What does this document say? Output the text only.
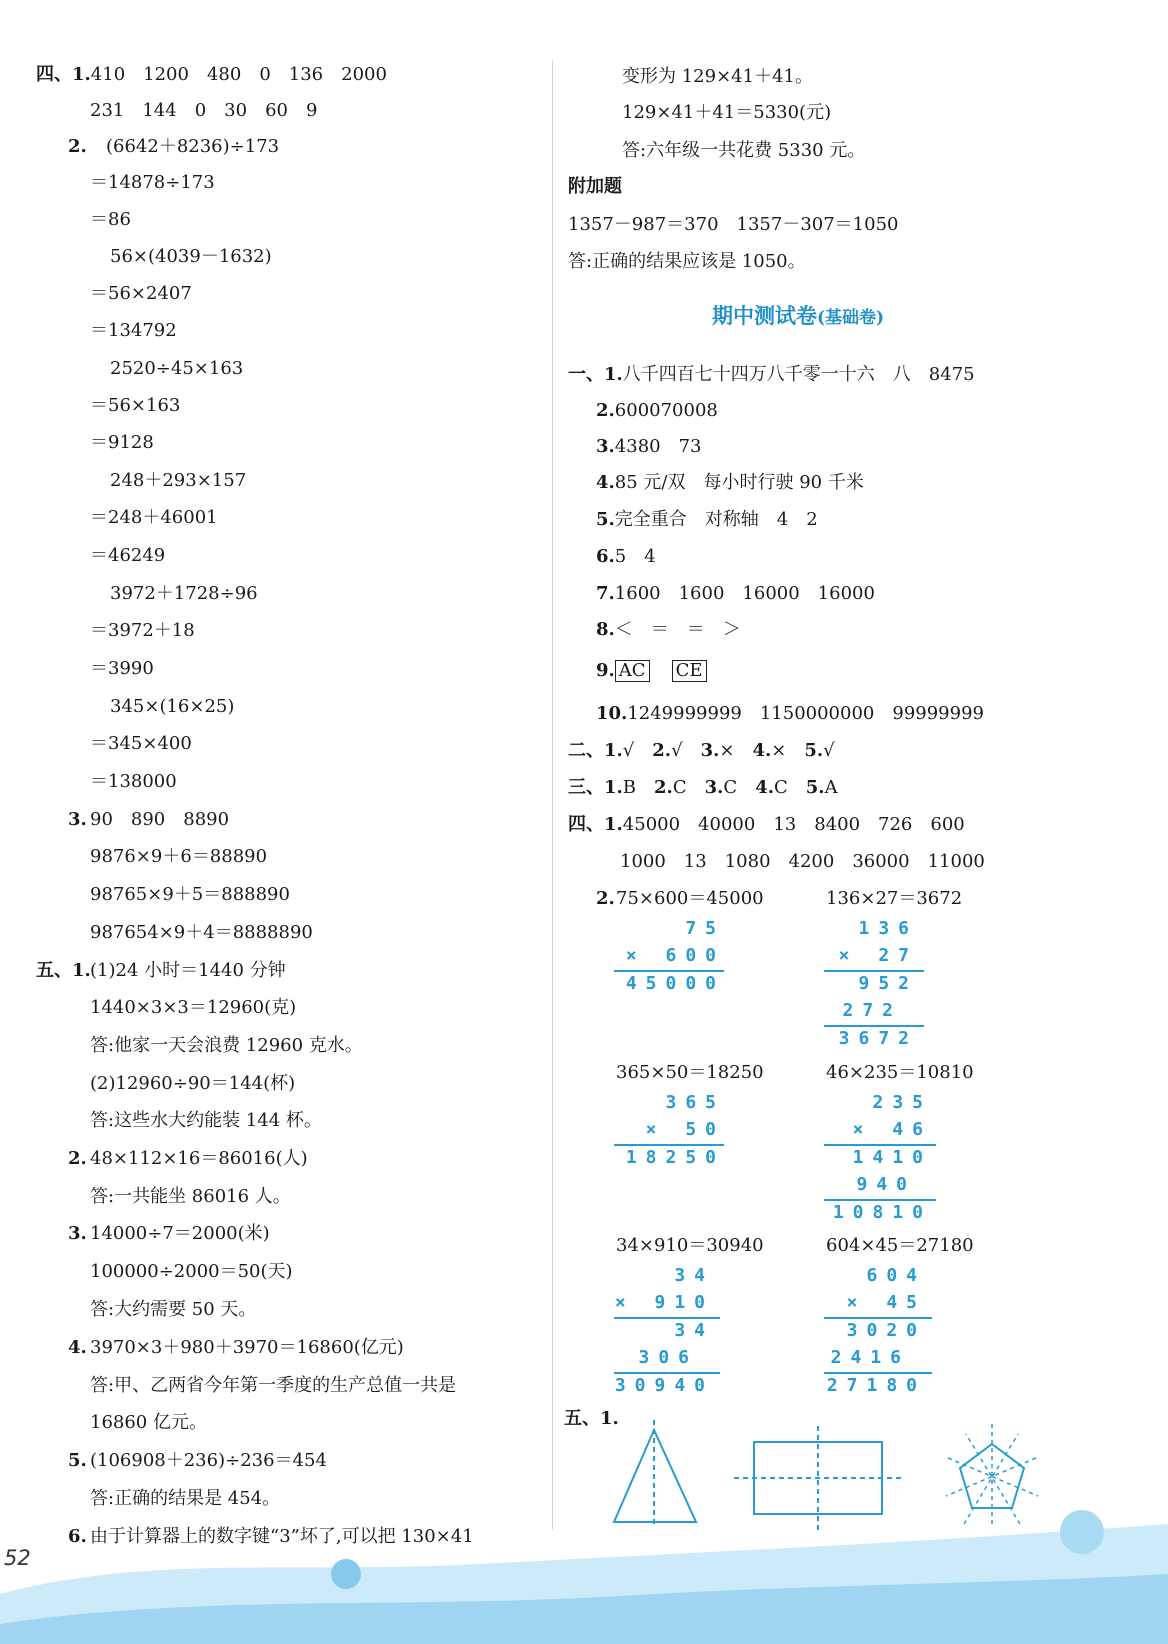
四、1.410　1200　480　0　136　2000
231　144　0　30　60　9
2. (6642＋8236)÷173
＝14878÷173
＝86
56×(4039－1632)
＝56×2407
＝134792
2520÷45×163
＝56×163
＝9128
248＋293×157
＝248＋46001
＝46249
3972＋1728÷96
＝3972＋18
＝3990
345×(16×25)
＝345×400
＝138000
3. 90　890　8890
9876×9＋6＝88890
98765×9＋5＝888890
987654×9＋4＝8888890
五、1. (1)24 小时＝1440 分钟
1440×3×3＝12960(克)
答:他家一天会浪费 12960 克水。
(2)12960÷90＝144(杯)
答:这些水大约能装 144 杯。
2. 48×112×16＝86016(人)
答:一共能坐 86016 人。
3. 14000÷7＝2000(米)
100000÷2000＝50(天)
答:大约需要 50 天。
4. 3970×3＋980＋3970＝16860(亿元)
答:甲、乙两省今年第一季度的生产总值一共是
16860 亿元。
5. (106908＋236)÷236＝454
答:正确的结果是 454。
6. 由于计算器上的数字键“3”坏了,可以把 130×41
变形为 129×41＋41。
129×41＋41＝5330(元)
答:六年级一共花费 5330 元。
附加题
1357－987＝370　1357－307＝1050
答:正确的结果应该是 1050。
期中测试卷(基础卷)
一、1.八千四百七十四万八千零一十六　八　8475
2.600070008
3.4380　73
4.85 元/双　每小时行驶 90 千米
5.完全重合　对称轴　4　2
6.5　4
7.1600　1600　16000　16000
8.＜　＝　＝　＞
9. AC CE
10.1249999999　1150000000　99999999
二、1.√　 2.√　 3.×　 4.×　 5.√
三、1.B　 2.C　 3.C　 4.C　 5.A
四、1.45000　40000　13　8400　726　600
1000　13　1080　4200　36000　11000
2. 75×600＝45000
75
× 600
45000
136×27＝3672
136
× 27
952
272
3672
365×50＝18250
365
× 50
18250
46×235＝10810
235
× 46
1410
940
10810
34×910＝30940
34
× 910
34
306
30940
604×45＝27180
604
× 45
3020
2416
27180
五、1.
52
